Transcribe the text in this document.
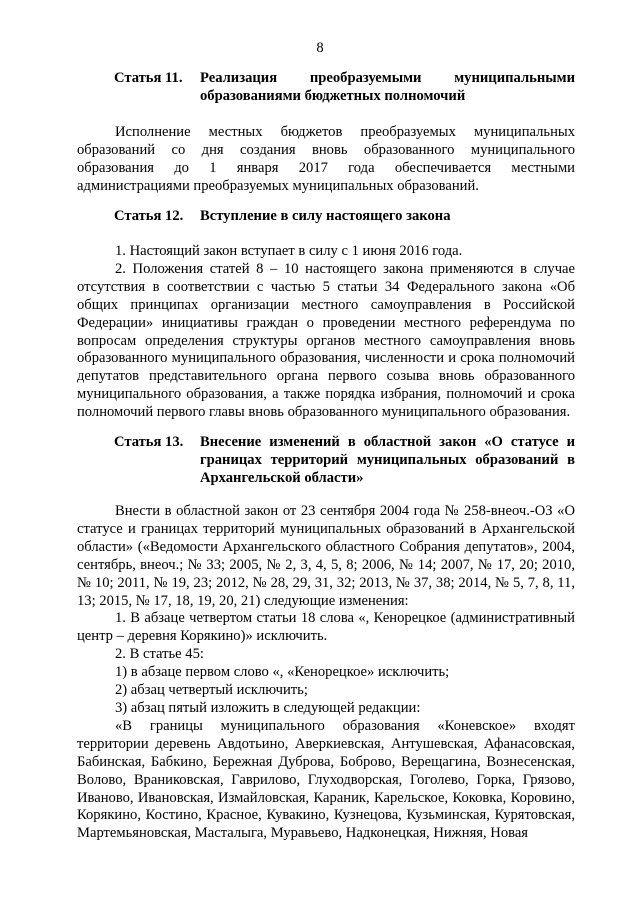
8
Статья 11. Реализация преобразуемыми муниципальными образованиями бюджетных полномочий

Исполнение местных бюджетов преобразуемых муниципальных образований со дня создания вновь образованного муниципального образования до 1 января 2017 года обеспечивается местными администрациями преобразуемых муниципальных образований.

Статья 12. Вступление в силу настоящего закона

1. Настоящий закон вступает в силу с 1 июня 2016 года.

2. Положения статей 8 – 10 настоящего закона применяются в случае отсутствия в соответствии с частью 5 статьи 34 Федерального закона «Об общих принципах организации местного самоуправления в Российской Федерации» инициативы граждан о проведении местного референдума по вопросам определения структуры органов местного самоуправления вновь образованного муниципального образования, численности и срока полномочий депутатов представительного органа первого созыва вновь образованного муниципального образования, а также порядка избрания, полномочий и срока полномочий первого главы вновь образованного муниципального образования.

Статья 13. Внесение изменений в областной закон «О статусе и границах территорий муниципальных образований в Архангельской области»

Внести в областной закон от 23 сентября 2004 года № 258-внеоч.-ОЗ «О статусе и границах территорий муниципальных образований в Архангельской области» («Ведомости Архангельского областного Собрания депутатов», 2004, сентябрь, внеоч.; № 33; 2005, № 2, 3, 4, 5, 8; 2006, № 14; 2007, № 17, 20; 2010, № 10; 2011, № 19, 23; 2012, № 28, 29, 31, 32; 2013, № 37, 38; 2014, № 5, 7, 8, 11, 13; 2015, № 17, 18, 19, 20, 21) следующие изменения:

1. В абзаце четвертом статьи 18 слова «, Кенорецкое (административный центр – деревня Корякино)» исключить.

2. В статье 45:

1) в абзаце первом слово «, «Кенорецкое» исключить;

2) абзац четвертый исключить;

3) абзац пятый изложить в следующей редакции:

«В границы муниципального образования «Коневское» входят территории деревень Авдотьино, Аверкиевская, Антушевская, Афанасовская, Бабинская, Бабкино, Бережная Дуброва, Боброво, Верещагина, Вознесенская, Волово, Враниковская, Гаврилово, Глуходворская, Гоголево, Горка, Грязово, Иваново, Ивановская, Измайловская, Караник, Карельское, Коковка, Коровино, Корякино, Костино, Красное, Кувакино, Кузнецова, Кузьминская, Курятовская, Мартемьяновская, Масталыга, Муравьево, Надконецкая, Нижняя, Новая
